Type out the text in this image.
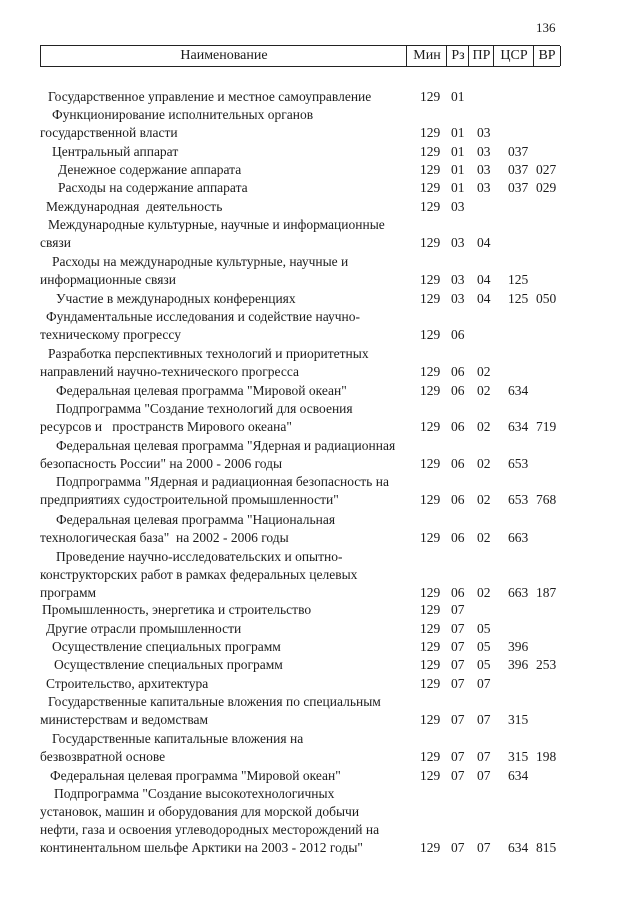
136
Наименование	Мин Рз ПР ЦСР ВР
Государственное управление и местное самоуправление	129 01
Функционирование исполнительных органов
государственной власти	129 01 03
Центральный аппарат	129 01 03 037
Денежное содержание аппарата	129 01 03 037 027
Расходы на содержание аппарата	129 01 03 037 029
Международная  деятельность	129 03
Международные культурные, научные и информационные
связи	129 03 04
Расходы на международные культурные, научные и
информационные связи	129 03 04 125
Участие в международных конференциях	129 03 04 125 050
Фундаментальные исследования и содействие научно-
техническому прогрессу	129 06
Разработка перспективных технологий и приоритетных
направлений научно-технического прогресса	129 06 02
Федеральная целевая программа "Мировой океан"	129 06 02 634
Подпрограмма "Создание технологий для освоения
ресурсов и   пространств Мирового океана"	129 06 02 634 719
Федеральная целевая программа "Ядерная и радиационная
безопасность России" на 2000 - 2006 годы	129 06 02 653
Подпрограмма "Ядерная и радиационная безопасность на
предприятиях судостроительной промышленности"	129 06 02 653 768
Федеральная целевая программа "Национальная
технологическая база"  на 2002 - 2006 годы	129 06 02 663
Проведение научно-исследовательских и опытно-
конструкторских работ в рамках федеральных целевых
программ	129 06 02 663 187
Промышленность, энергетика и строительство	129 07
Другие отрасли промышленности	129 07 05
Осуществление специальных программ	129 07 05 396
Осуществление специальных программ	129 07 05 396 253
Строительство, архитектура	129 07 07
Государственные капитальные вложения по специальным
министерствам и ведомствам	129 07 07 315
Государственные капитальные вложения на
безвозвратной основе	129 07 07 315 198
Федеральная целевая программа "Мировой океан"	129 07 07 634
Подпрограмма "Создание высокотехнологичных
установок, машин и оборудования для морской добычи
нефти, газа и освоения углеводородных месторождений на
континентальном шельфе Арктики на 2003 - 2012 годы"	129 07 07 634 815
